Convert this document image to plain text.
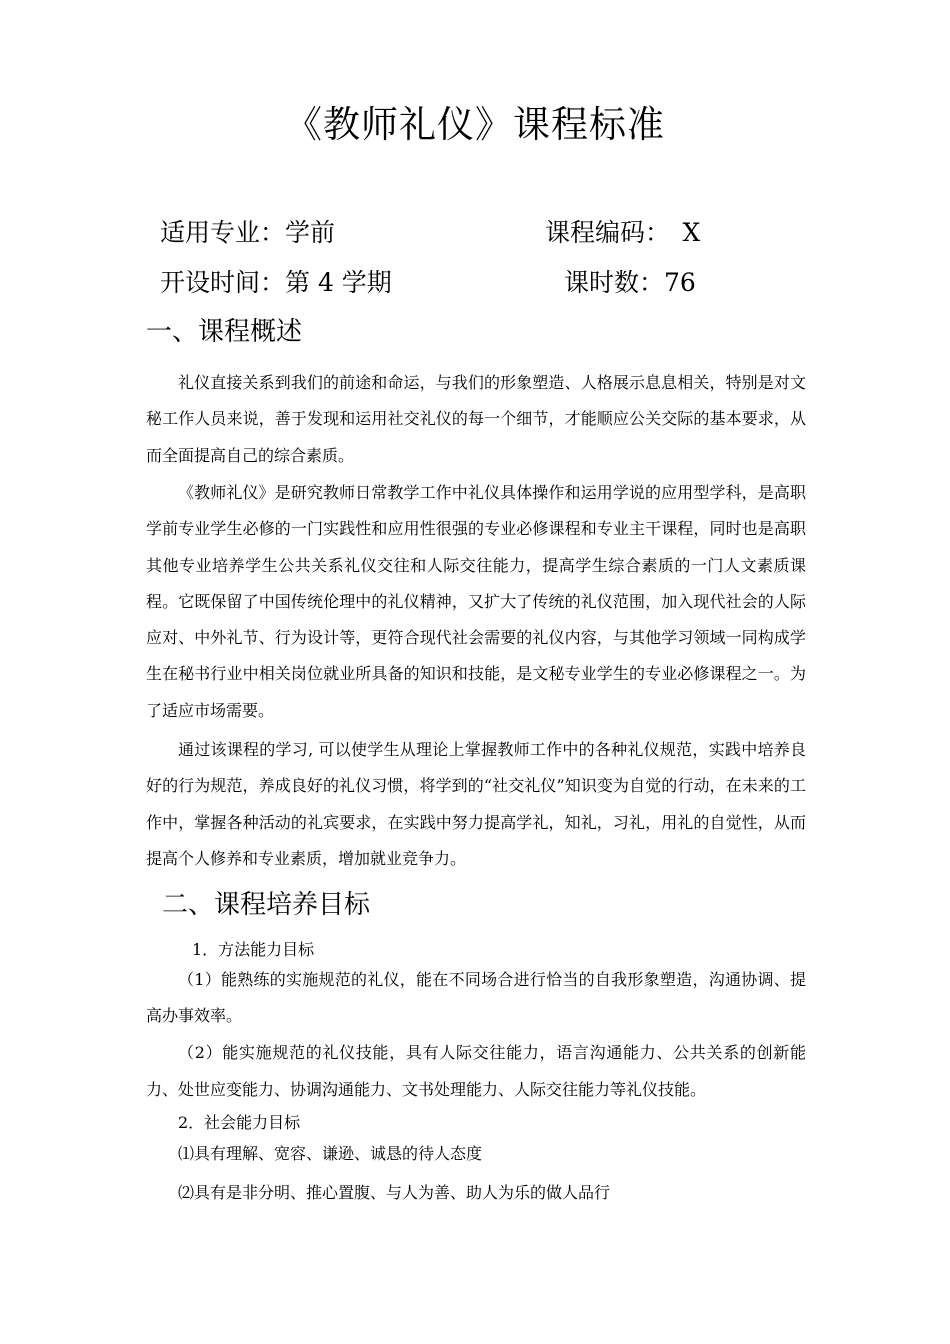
《教师礼仪》课程标准
适用专业：学前	课程编码：　X
开设时间：第 4 学期	课时数：76
一、课程概述
礼仪直接关系到我们的前途和命运，与我们的形象塑造、人格展示息息相关，特别是对文秘工作人员来说，善于发现和运用社交礼仪的每一个细节，才能顺应公关交际的基本要求，从而全面提高自己的综合素质。
《教师礼仪》是研究教师日常教学工作中礼仪具体操作和运用学说的应用型学科，是高职学前专业学生必修的一门实践性和应用性很强的专业必修课程和专业主干课程，同时也是高职其他专业培养学生公共关系礼仪交往和人际交往能力，提高学生综合素质的一门人文素质课程。它既保留了中国传统伦理中的礼仪精神，又扩大了传统的礼仪范围，加入现代社会的人际应对、中外礼节、行为设计等，更符合现代社会需要的礼仪内容，与其他学习领域一同构成学生在秘书行业中相关岗位就业所具备的知识和技能，是文秘专业学生的专业必修课程之一。为了适应市场需要。
通过该课程的学习, 可以使学生从理论上掌握教师工作中的各种礼仪规范，实践中培养良好的行为规范，养成良好的礼仪习惯，将学到的“社交礼仪”知识变为自觉的行动，在未来的工作中，掌握各种活动的礼宾要求，在实践中努力提高学礼，知礼，习礼，用礼的自觉性，从而提高个人修养和专业素质，增加就业竞争力。
二、课程培养目标
1．方法能力目标
（1）能熟练的实施规范的礼仪，能在不同场合进行恰当的自我形象塑造，沟通协调、提高办事效率。
（2）能实施规范的礼仪技能，具有人际交往能力，语言沟通能力、公共关系的创新能力、处世应变能力、协调沟通能力、文书处理能力、人际交往能力等礼仪技能。
2．社会能力目标
⑴具有理解、宽容、谦逊、诚恳的待人态度
⑵具有是非分明、推心置腹、与人为善、助人为乐的做人品行
